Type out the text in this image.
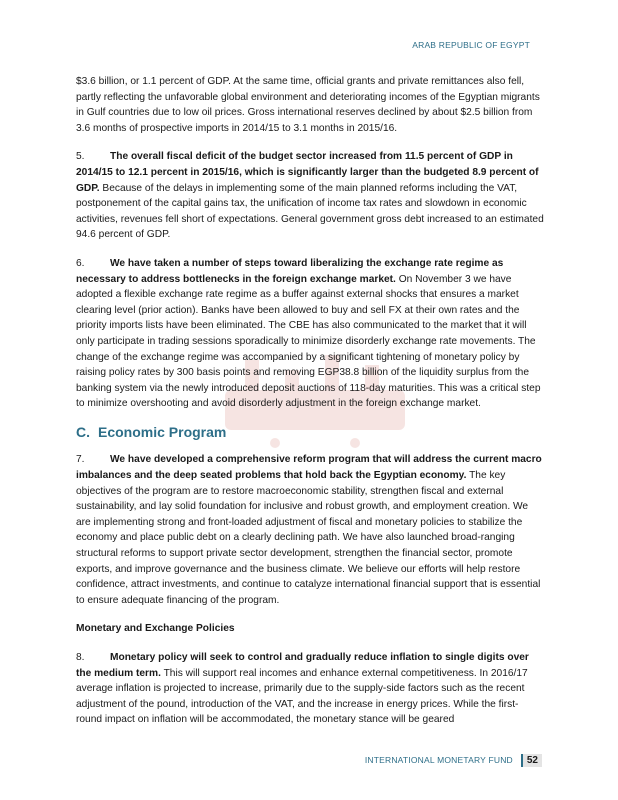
ARAB REPUBLIC OF EGYPT

$3.6 billion, or 1.1 percent of GDP. At the same time, official grants and private remittances also fell, partly reflecting the unfavorable global environment and deteriorating incomes of the Egyptian migrants in Gulf countries due to low oil prices. Gross international reserves declined by about $2.5 billion from 3.6 months of prospective imports in 2014/15 to 3.1 months in 2015/16.

5.	The overall fiscal deficit of the budget sector increased from 11.5 percent of GDP in 2014/15 to 12.1 percent in 2015/16, which is significantly larger than the budgeted 8.9 percent of GDP. Because of the delays in implementing some of the main planned reforms including the VAT, postponement of the capital gains tax, the unification of income tax rates and slowdown in economic activities, revenues fell short of expectations. General government gross debt increased to an estimated 94.6 percent of GDP.

6.	We have taken a number of steps toward liberalizing the exchange rate regime as necessary to address bottlenecks in the foreign exchange market. On November 3 we have adopted a flexible exchange rate regime as a buffer against external shocks that ensures a market clearing level (prior action). Banks have been allowed to buy and sell FX at their own rates and the priority imports lists have been eliminated. The CBE has also communicated to the market that it will only participate in trading sessions sporadically to minimize disorderly exchange rate movements. The change of the exchange regime was accompanied by a significant tightening of monetary policy by raising policy rates by 300 basis points and removing EGP38.8 billion of the liquidity surplus from the banking system via the newly introduced deposit auctions of 118-day maturities. This was a critical step to minimize overshooting and avoid disorderly adjustment in the foreign exchange market.

C. Economic Program

7.	We have developed a comprehensive reform program that will address the current macro imbalances and the deep seated problems that hold back the Egyptian economy. The key objectives of the program are to restore macroeconomic stability, strengthen fiscal and external sustainability, and lay solid foundation for inclusive and robust growth, and employment creation. We are implementing strong and front-loaded adjustment of fiscal and monetary policies to stabilize the economy and place public debt on a clearly declining path. We have also launched broad-ranging structural reforms to support private sector development, strengthen the financial sector, promote exports, and improve governance and the business climate. We believe our efforts will help restore confidence, attract investments, and continue to catalyze international financial support that is essential to ensure adequate financing of the program.

Monetary and Exchange Policies

8.	Monetary policy will seek to control and gradually reduce inflation to single digits over the medium term. This will support real incomes and enhance external competitiveness. In 2016/17 average inflation is projected to increase, primarily due to the supply-side factors such as the recent adjustment of the pound, introduction of the VAT, and the increase in energy prices. While the first-round impact on inflation will be accommodated, the monetary stance will be geared

INTERNATIONAL MONETARY FUND	52
